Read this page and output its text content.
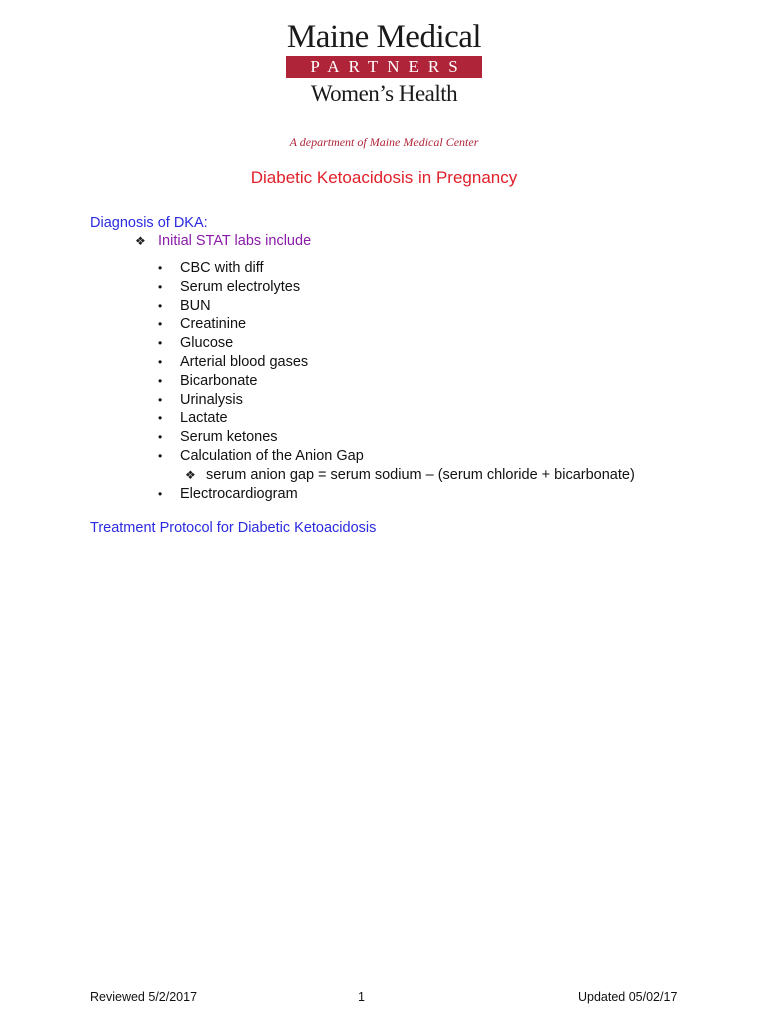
Maine Medical
PARTNERS
Women’s Health
A department of Maine Medical Center
Diabetic Ketoacidosis in Pregnancy
Diagnosis of DKA:
❖ Initial STAT labs include
• CBC with diff
• Serum electrolytes
• BUN
• Creatinine
• Glucose
• Arterial blood gases
• Bicarbonate
• Urinalysis
• Lactate
• Serum ketones
• Calculation of the Anion Gap
❖ serum anion gap = serum sodium – (serum chloride + bicarbonate)
• Electrocardiogram
Treatment Protocol for Diabetic Ketoacidosis
Reviewed 5/2/2017	1	Updated 05/02/17
